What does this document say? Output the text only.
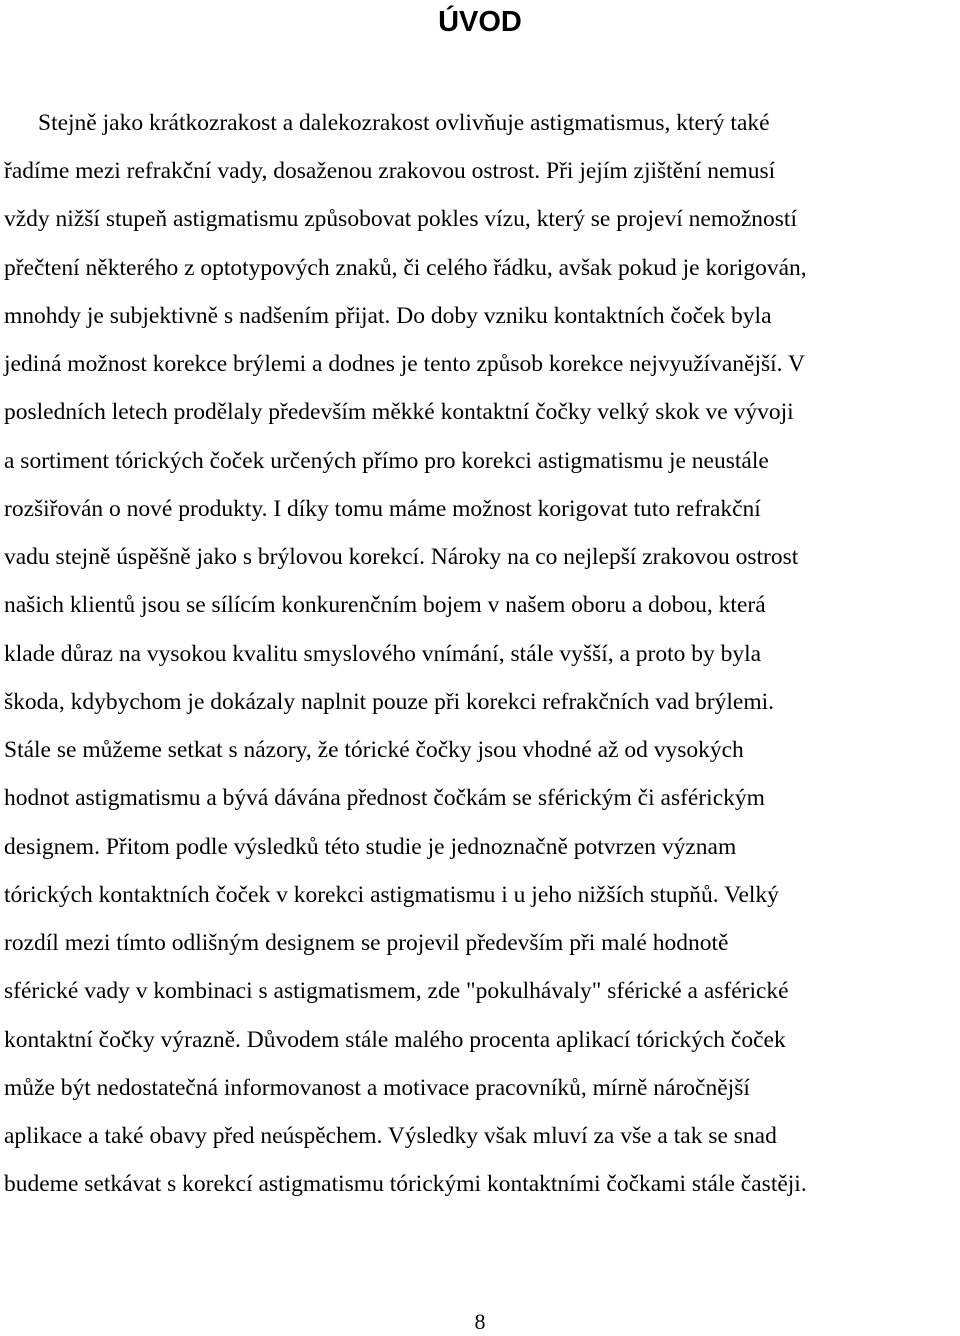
ÚVOD

Stejně jako krátkozrakost a dalekozrakost ovlivňuje astigmatismus, který také

řadíme mezi refrakční vady, dosaženou zrakovou ostrost. Při jejím zjištění nemusí

vždy nižší stupeň astigmatismu způsobovat pokles vízu, který se projeví nemožností

přečtení některého z optotypových znaků, či celého řádku, avšak pokud je korigován,

mnohdy je subjektivně s nadšením přijat. Do doby vzniku kontaktních čoček byla

jediná možnost korekce brýlemi a dodnes je tento způsob korekce nejvyužívanější. V

posledních letech prodělaly především měkké kontaktní čočky velký skok ve vývoji

a sortiment tórických čoček určených přímo pro korekci astigmatismu je neustále

rozšiřován o nové produkty. I díky tomu máme možnost korigovat tuto refrakční

vadu stejně úspěšně jako s brýlovou korekcí. Nároky na co nejlepší zrakovou ostrost

našich klientů jsou se sílícím konkurenčním bojem v našem oboru a dobou, která

klade důraz na vysokou kvalitu smyslového vnímání, stále vyšší, a proto by byla

škoda, kdybychom je dokázaly naplnit pouze při korekci refrakčních vad brýlemi.

Stále se můžeme setkat s názory, že tórické čočky jsou vhodné až od vysokých

hodnot astigmatismu a bývá dávána přednost čočkám se sférickým či asférickým

designem. Přitom podle výsledků této studie je jednoznačně potvrzen význam

tórických kontaktních čoček v korekci astigmatismu i u jeho nižších stupňů. Velký

rozdíl mezi tímto odlišným designem se projevil především při malé hodnotě

sférické vady v kombinaci s astigmatismem, zde "pokulhávaly" sférické a asférické

kontaktní čočky výrazně. Důvodem stále malého procenta aplikací tórických čoček

může být nedostatečná informovanost a motivace pracovníků, mírně náročnější

aplikace a také obavy před neúspěchem. Výsledky však mluví za vše a tak se snad

budeme setkávat s korekcí astigmatismu tórickými kontaktními čočkami stále častěji.

8
